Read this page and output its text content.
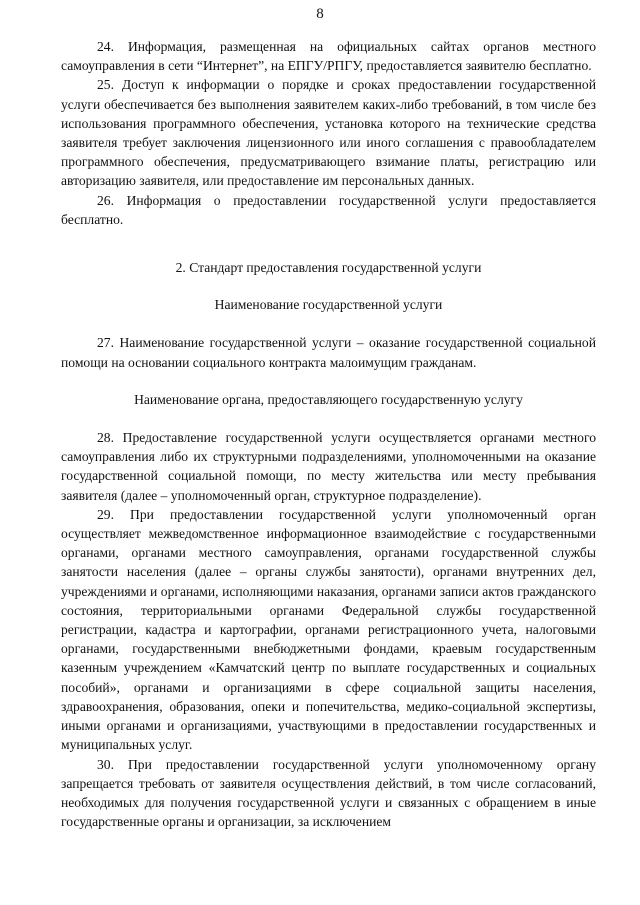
8

24. Информация, размещенная на официальных сайтах органов местного самоуправления в сети “Интернет”, на ЕПГУ/РПГУ, предоставляется заявителю бесплатно.

25. Доступ к информации о порядке и сроках предоставлении государственной услуги обеспечивается без выполнения заявителем каких-либо требований, в том числе без использования программного обеспечения, установка которого на технические средства заявителя требует заключения лицензионного или иного соглашения с правообладателем программного обеспечения, предусматривающего взимание платы, регистрацию или авторизацию заявителя, или предоставление им персональных данных.

26. Информация о предоставлении государственной услуги предоставляется бесплатно.

2. Стандарт предоставления государственной услуги
Наименование государственной услуги

27. Наименование государственной услуги – оказание государственной социальной помощи на основании социального контракта малоимущим гражданам.

Наименование органа, предоставляющего государственную услугу

28. Предоставление государственной услуги осуществляется органами местного самоуправления либо их структурными подразделениями, уполномоченными на оказание государственной социальной помощи, по месту жительства или месту пребывания заявителя (далее – уполномоченный орган, структурное подразделение).

29. При предоставлении государственной услуги уполномоченный орган осуществляет межведомственное информационное взаимодействие с государственными органами, органами местного самоуправления, органами государственной службы занятости населения (далее – органы службы занятости), органами внутренних дел, учреждениями и органами, исполняющими наказания, органами записи актов гражданского состояния, территориальными органами Федеральной службы государственной регистрации, кадастра и картографии, органами регистрационного учета, налоговыми органами, государственными внебюджетными фондами, краевым государственным казенным учреждением «Камчатский центр по выплате государственных и социальных пособий», органами и организациями в сфере социальной защиты населения, здравоохранения, образования, опеки и попечительства, медико-социальной экспертизы, иными органами и организациями, участвующими в предоставлении государственных и муниципальных услуг.

30. При предоставлении государственной услуги уполномоченному органу запрещается требовать от заявителя осуществления действий, в том числе согласований, необходимых для получения государственной услуги и связанных с обращением в иные государственные органы и организации, за исключением
